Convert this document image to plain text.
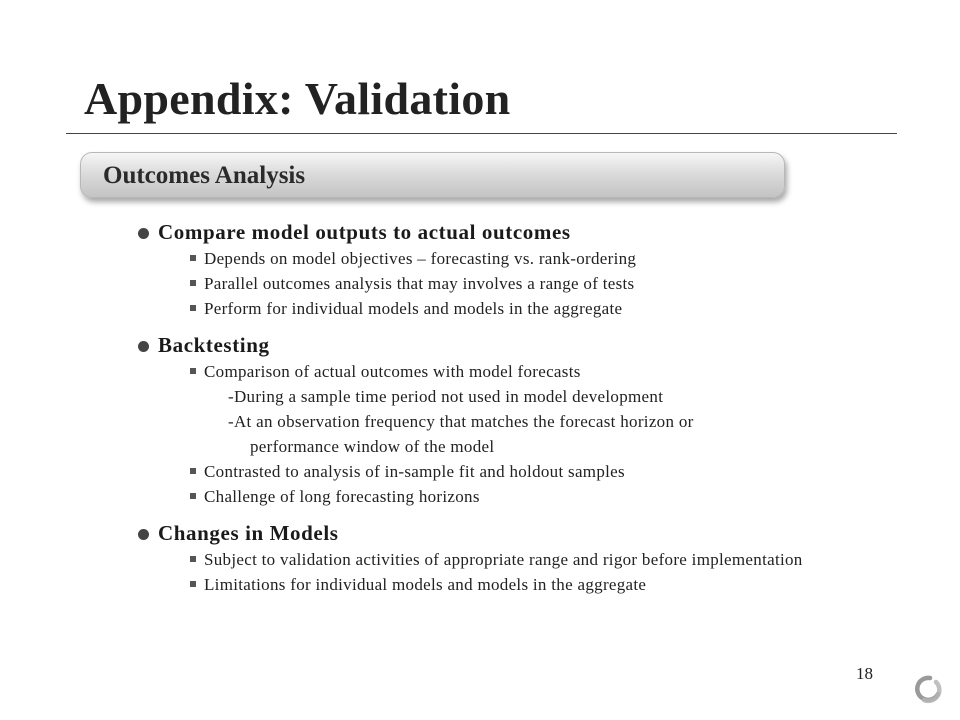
Appendix: Validation
Outcomes Analysis
Compare model outputs to actual outcomes
Depends on model objectives – forecasting vs. rank-ordering
Parallel outcomes analysis that may involves a range of tests
Perform for individual models and models in the aggregate
Backtesting
Comparison of actual outcomes with model forecasts
-During a sample time period not used in model development
-At an observation frequency that matches the forecast horizon or
performance window of the model
Contrasted to analysis of in-sample fit and holdout samples
Challenge of long forecasting horizons
Changes in Models
Subject to validation activities of appropriate range and rigor before implementation
Limitations for individual models and models in the aggregate
18
